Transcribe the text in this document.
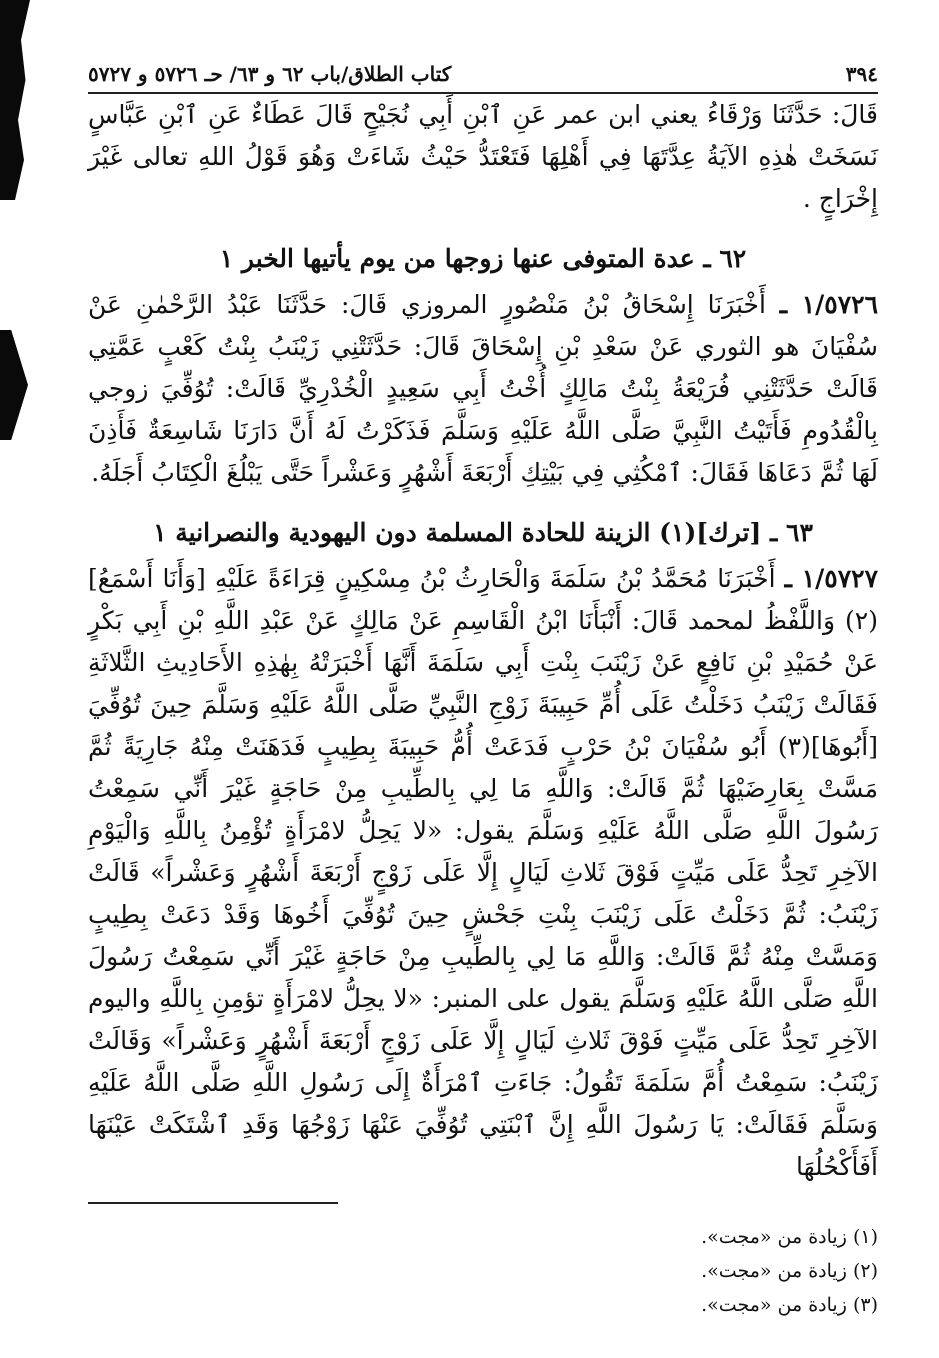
٣٩٤
كتاب الطلاق/باب ٦٢ و ٦٣/ حـ ٥٧٢٦ و ٥٧٢٧

قَالَ: حَدَّثَنَا وَرْقَاءُ يعني ابن عمر عَنِ ٱبْنِ أَبِي نُجَيْحٍ قَالَ عَطَاءٌ عَنِ ٱبْنِ عَبَّاسٍ نَسَخَتْ هٰذِهِ الآيَةُ عِدَّتَهَا فِي أَهْلِهَا فَتَعْتَدُّ حَيْثُ شَاءَتْ وَهُوَ قَوْلُ اللهِ تعالى غَيْرَ إِخْرَاجٍ .

٦٢ ـ عدة المتوفى عنها زوجها من يوم يأتيها الخبر ١

١/٥٧٢٦ ـ أَخْبَرَنَا إِسْحَاقُ بْنُ مَنْصُورٍ المروزي قَالَ: حَدَّثَنَا عَبْدُ الرَّحْمٰنِ عَنْ سُفْيَانَ هو الثوري عَنْ سَعْدِ بْنِ إِسْحَاقَ قَالَ: حَدَّثَتْنِي زَيْنَبُ بِنْتُ كَعْبٍ عَمَّتِي قَالَتْ حَدَّثَتْنِي فُرَيْعَةُ بِنْتُ مَالِكٍ أُخْتُ أَبِي سَعِيدٍ الْخُدْرِيِّ قَالَتْ: تُوُفِّيَ زوجي بِالْقُدُومِ فَأَتَيْتُ النَّبِيَّ صَلَّى اللَّهُ عَلَيْهِ وَسَلَّمَ فَذَكَرْتُ لَهُ أَنَّ دَارَنَا شَاسِعَةٌ فَأَذِنَ لَهَا ثُمَّ دَعَاهَا فَقَالَ: ٱمْكُثِي فِي بَيْتِكِ أَرْبَعَةَ أَشْهُرٍ وَعَشْراً حَتَّى يَبْلُغَ الْكِتَابُ أَجَلَهُ.

٦٣ ـ [ترك](١) الزينة للحادة المسلمة دون اليهودية والنصرانية ١

١/٥٧٢٧ ـ أَخْبَرَنَا مُحَمَّدُ بْنُ سَلَمَةَ وَالْحَارِثُ بْنُ مِسْكِينٍ قِرَاءَةً عَلَيْهِ [وَأَنَا أَسْمَعُ](٢) وَاللَّفْظُ لمحمد قَالَ: أَنْبَأَنَا ابْنُ الْقَاسِمِ عَنْ مَالِكٍ عَنْ عَبْدِ اللَّهِ بْنِ أَبِي بَكْرٍ عَنْ حُمَيْدِ بْنِ نَافِعٍ عَنْ زَيْنَبَ بِنْتِ أَبِي سَلَمَةَ أَنَّهَا أَخْبَرَتْهُ بِهٰذِهِ الأَحَادِيثِ الثَّلاثَةِ فَقَالَتْ زَيْنَبُ دَخَلْتُ عَلَى أُمِّ حَبِيبَةَ زَوْجِ النَّبِيِّ صَلَّى اللَّهُ عَلَيْهِ وَسَلَّمَ حِينَ تُوُفِّيَ [أَبُوهَا](٣) أَبُو سُفْيَانَ بْنُ حَرْبٍ فَدَعَتْ أُمُّ حَبِيبَةَ بِطِيبٍ فَدَهَنَتْ مِنْهُ جَارِيَةً ثُمَّ مَسَّتْ بِعَارِضَيْهَا ثُمَّ قَالَتْ: وَاللَّهِ مَا لِي بِالطِّيبِ مِنْ حَاجَةٍ غَيْرَ أَنِّي سَمِعْتُ رَسُولَ اللَّهِ صَلَّى اللَّهُ عَلَيْهِ وَسَلَّمَ يقول: «لا يَحِلُّ لامْرَأَةٍ تُؤْمِنُ بِاللَّهِ وَالْيَوْمِ الآخِرِ تَحِدُّ عَلَى مَيِّتٍ فَوْقَ ثَلاثِ لَيَالٍ إِلَّا عَلَى زَوْجٍ أَرْبَعَةَ أَشْهُرٍ وَعَشْراً» قَالَتْ زَيْنَبُ: ثُمَّ دَخَلْتُ عَلَى زَيْنَبَ بِنْتِ جَحْشٍ حِينَ تُوُفِّيَ أَخُوهَا وَقَدْ دَعَتْ بِطِيبٍ وَمَسَّتْ مِنْهُ ثُمَّ قَالَتْ: وَاللَّهِ مَا لِي بِالطِّيبِ مِنْ حَاجَةٍ غَيْرَ أَنِّي سَمِعْتُ رَسُولَ اللَّهِ صَلَّى اللَّهُ عَلَيْهِ وَسَلَّمَ يقول على المنبر: «لا يحِلُّ لامْرَأَةٍ تؤمِنِ بِاللَّهِ واليوم الآخِرِ تَحِدُّ عَلَى مَيِّتٍ فَوْقَ ثَلاثِ لَيَالٍ إِلَّا عَلَى زَوْجٍ أَرْبَعَةَ أَشْهُرٍ وَعَشْراً» وَقَالَتْ زَيْنَبُ: سَمِعْتُ أُمَّ سَلَمَةَ تَقُولُ: جَاءَتِ ٱمْرَأَةٌ إِلَى رَسُولِ اللَّهِ صَلَّى اللَّهُ عَلَيْهِ وَسَلَّمَ فَقَالَتْ: يَا رَسُولَ اللَّهِ إِنَّ ٱبْنَتِي تُوُفِّيَ عَنْهَا زَوْجُهَا وَقَدِ ٱشْتَكَتْ عَيْنَهَا أَفَأَكْحُلُهَا

(١) زيادة من «مجت».
(٢) زيادة من «مجت».
(٣) زيادة من «مجت».
